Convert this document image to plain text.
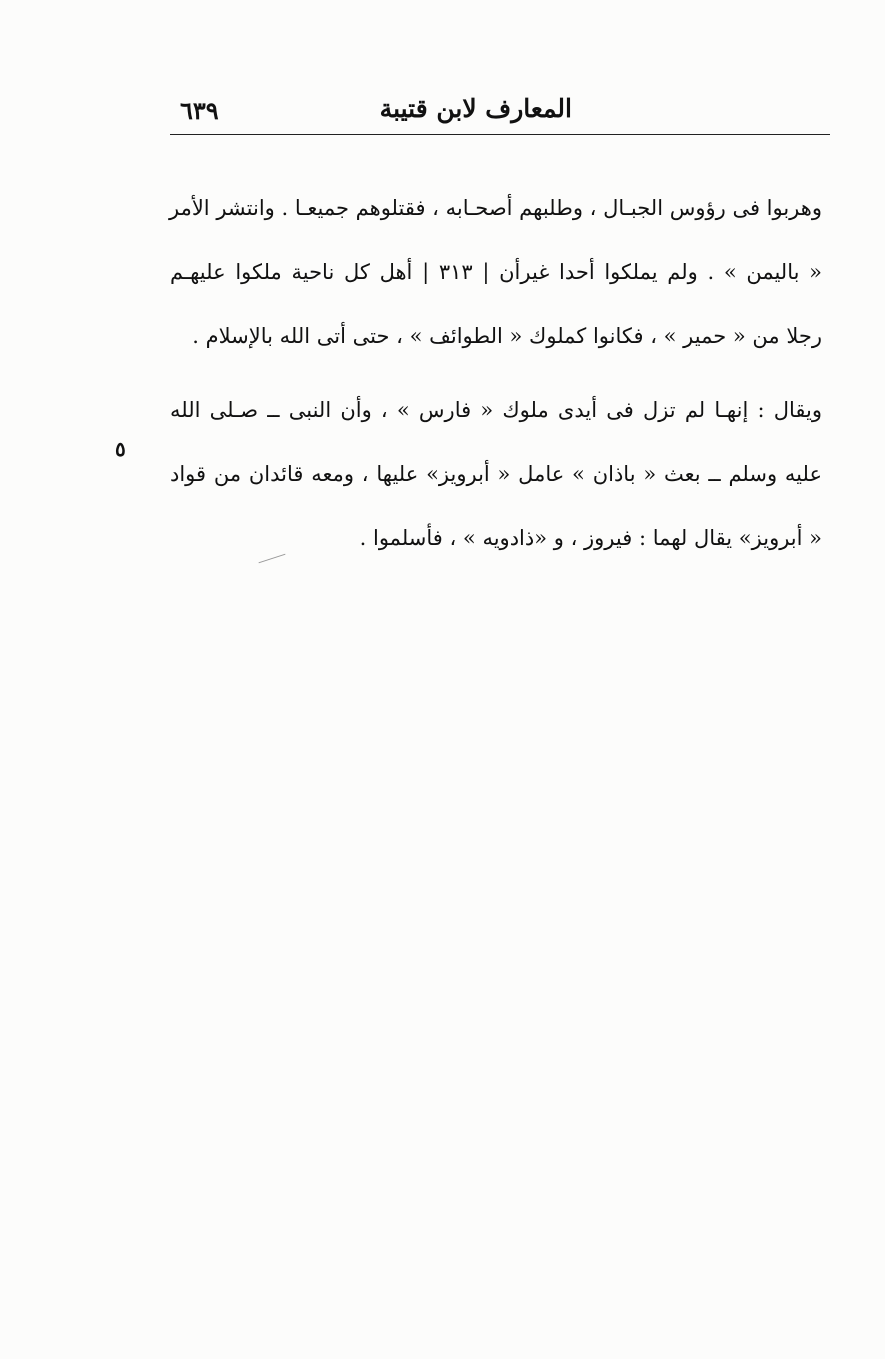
٦٣٩	المعارف لابن قتيبة

وهربوا فى رؤوس الجبـال ، وطلبهم أصحـابه ، فقتلوهم جميعـا . وانتشر الأمر
« باليمن » . ولم يملكوا أحدا غيرأن | ٣١٣ | أهل كل ناحية ملكوا عليهـم
رجلا من « حمير » ، فكانوا كملوك « الطوائف » ، حتى أتى الله بالإسلام .

ويقال : إنهـا لم تزل فى أيدى ملوك « فارس » ، وأن النبى ــ صـلى الله
عليه وسلم ــ بعث « باذان » عامل « أبرويز» عليها ، ومعه قائدان من قواد
« أبرويز» يقال لهما : فيروز ، و «ذادويه » ، فأسلموا .

٥
